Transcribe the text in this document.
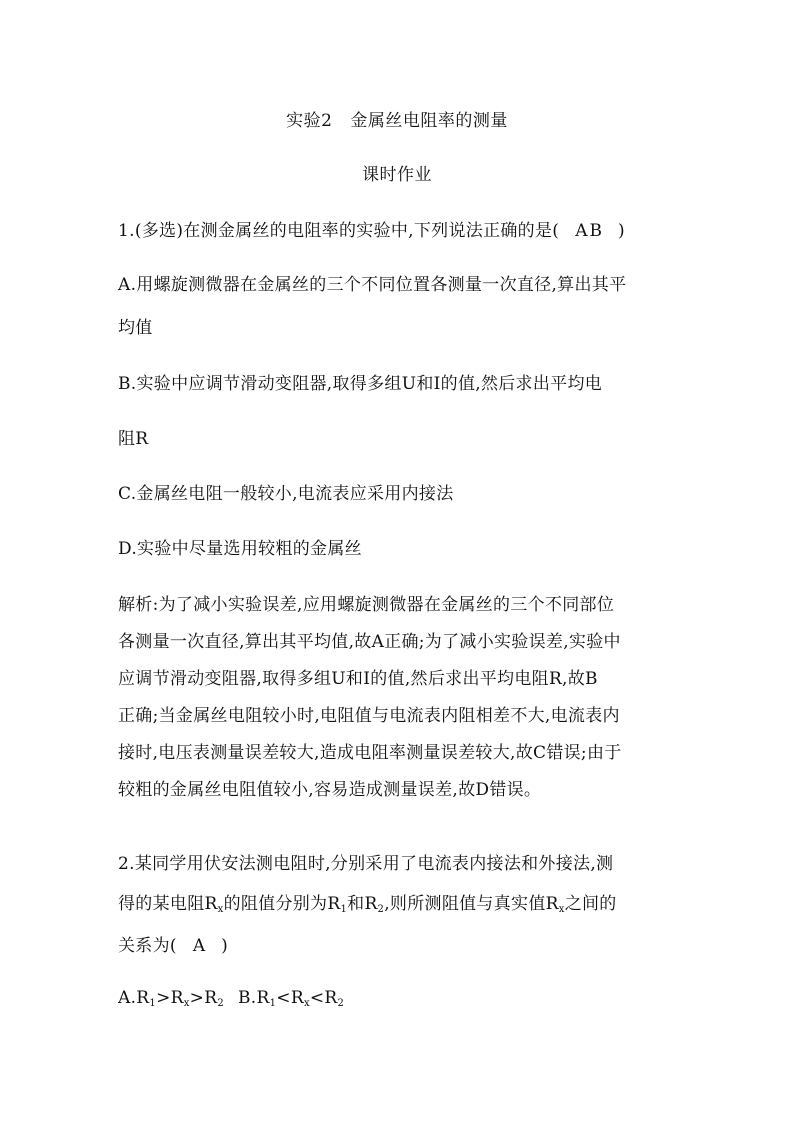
实验2 金属丝电阻率的测量
课时作业
1.(多选)在测金属丝的电阻率的实验中,下列说法正确的是( AB )
A.用螺旋测微器在金属丝的三个不同位置各测量一次直径,算出其平
均值
B.实验中应调节滑动变阻器,取得多组U和I的值,然后求出平均电
阻R
C.金属丝电阻一般较小,电流表应采用内接法
D.实验中尽量选用较粗的金属丝
解析:为了减小实验误差,应用螺旋测微器在金属丝的三个不同部位
各测量一次直径,算出其平均值,故A正确;为了减小实验误差,实验中
应调节滑动变阻器,取得多组U和I的值,然后求出平均电阻R,故B
正确;当金属丝电阻较小时,电阻值与电流表内阻相差不大,电流表内
接时,电压表测量误差较大,造成电阻率测量误差较大,故C错误;由于
较粗的金属丝电阻值较小,容易造成测量误差,故D错误。
2.某同学用伏安法测电阻时,分别采用了电流表内接法和外接法,测
得的某电阻$R_x$的阻值分别为$R_1$和$R_2$,则所测阻值与真实值$R_x$之间的
关系为( A )
$A.R_1>R_x>R_2$ $B.R_1<R_x<R_2$
